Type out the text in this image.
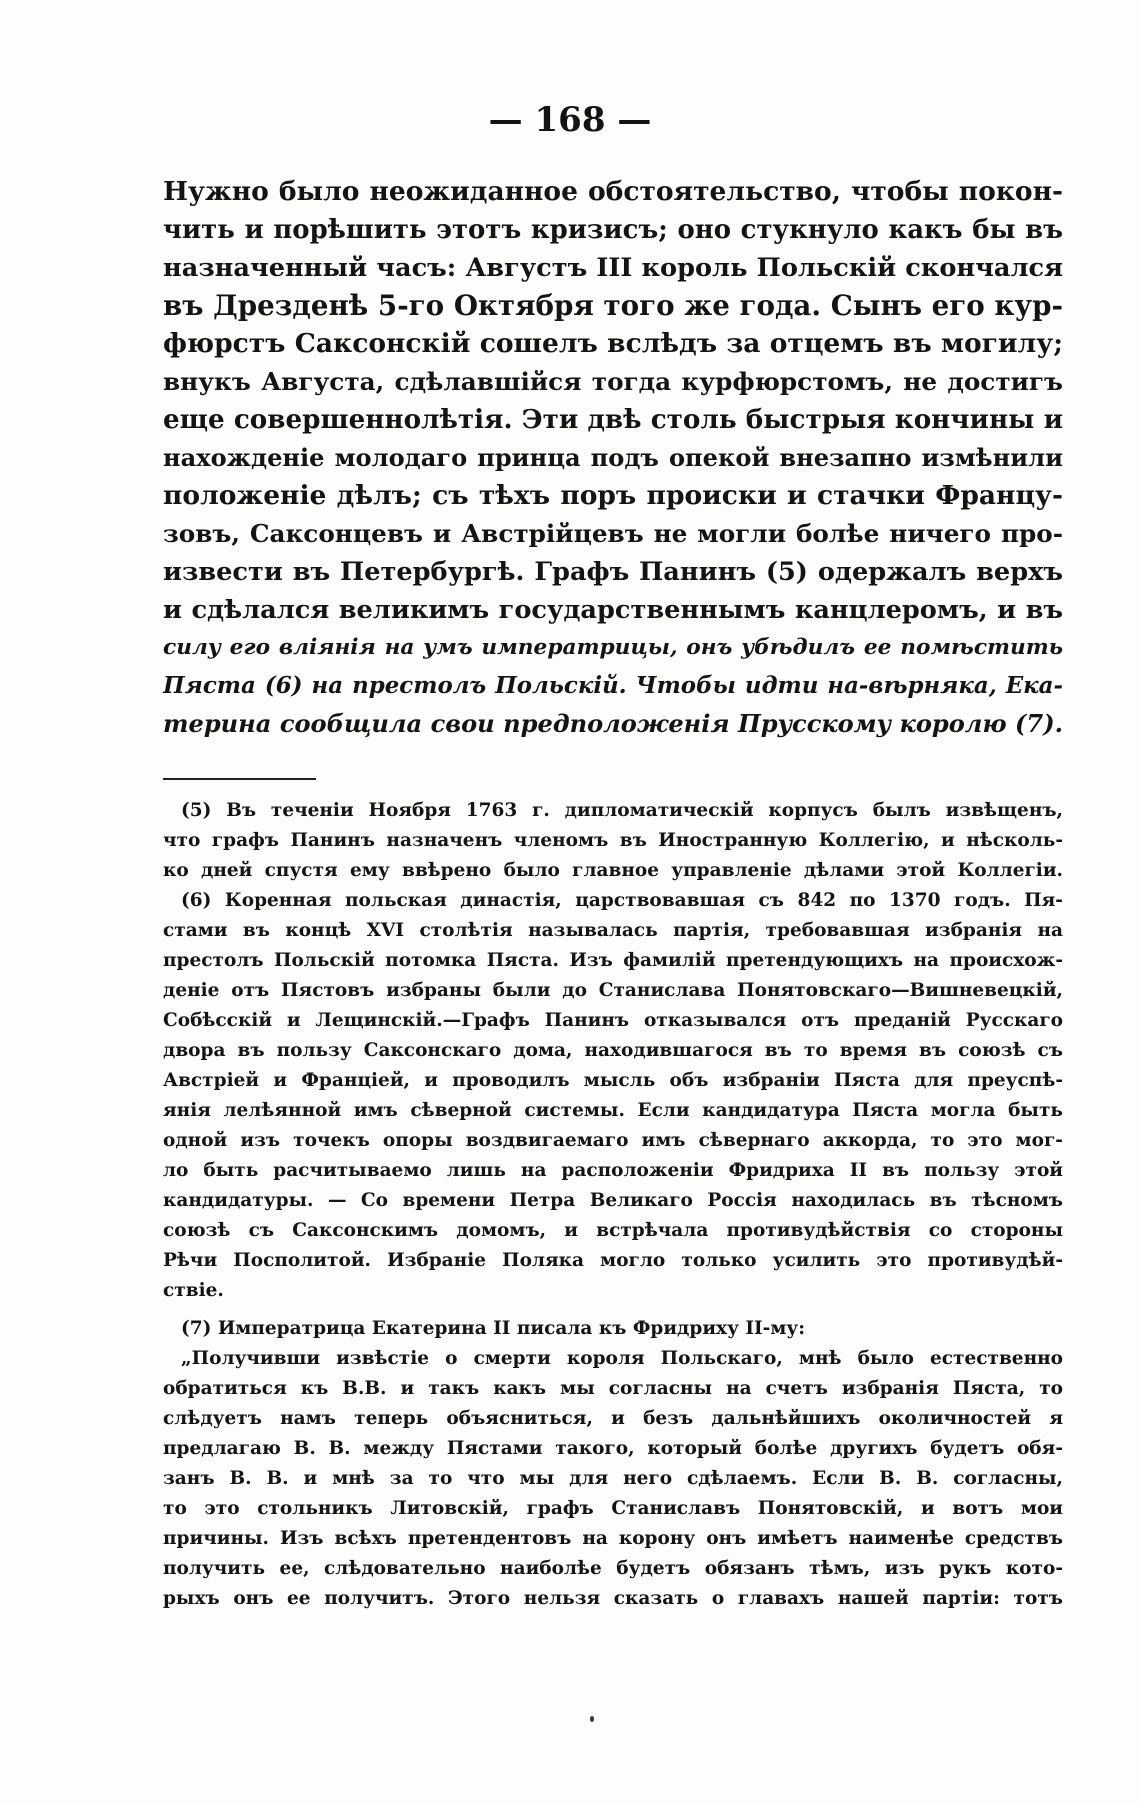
— 168 —
Нужно было неожиданное обстоятельство, чтобы покон-
чить и порѣшить этотъ кризисъ; оно стукнуло какъ бы въ
назначенный часъ: Августъ III король Польскій скончался
въ Дрезденѣ 5-го Октября того же года. Сынъ его кур-
фюрстъ Саксонскій сошелъ вслѣдъ за отцемъ въ могилу;
внукъ Августа, сдѣлавшійся тогда курфюрстомъ, не достигъ
еще совершеннолѣтія. Эти двѣ столь быстрыя кончины и
нахожденіе молодаго принца подъ опекой внезапно измѣнили
положеніе дѣлъ; съ тѣхъ поръ происки и стачки Францу-
зовъ, Саксонцевъ и Австрійцевъ не могли болѣе ничего про-
извести въ Петербургѣ. Графъ Панинъ (5) одержалъ верхъ
и сдѣлался великимъ государственнымъ канцлеромъ, и въ
силу его вліянія на умъ императрицы, онъ убѣдилъ ее помѣстить
Пяста (6) на престолъ Польскій. Чтобы идти на-вѣрняка, Ека-
терина сообщила свои предположенія Прусскому королю (7).
(5) Въ теченіи Ноября 1763 г. дипломатическій корпусъ былъ извѣщенъ,
что графъ Панинъ назначенъ членомъ въ Иностранную Коллегію, и нѣсколь-
ко дней спустя ему ввѣрено было главное управленіе дѣлами этой Коллегіи.
(6) Коренная польская династія, царствовавшая съ 842 по 1370 годъ. Пя-
стами въ концѣ XVI столѣтія называлась партія, требовавшая избранія на
престолъ Польскій потомка Пяста. Изъ фамилій претендующихъ на происхож-
деніе отъ Пястовъ избраны были до Станислава Понятовскаго—Вишневецкій,
Собѣсскій и Лещинскій.—Графъ Панинъ отказывался отъ преданій Русскаго
двора въ пользу Саксонскаго дома, находившагося въ то время въ союзѣ съ
Австріей и Франціей, и проводилъ мысль объ избраніи Пяста для преуспѣ-
янія лелѣянной имъ сѣверной системы. Если кандидатура Пяста могла быть
одной изъ точекъ опоры воздвигаемаго имъ сѣвернаго аккорда, то это мог-
ло быть расчитываемо лишь на расположеніи Фридриха II въ пользу этой
кандидатуры. — Со времени Петра Великаго Россія находилась въ тѣсномъ
союзѣ съ Саксонскимъ домомъ, и встрѣчала противудѣйствія со стороны
Рѣчи Посполитой. Избраніе Поляка могло только усилить это противудѣй-
ствіе.
(7) Императрица Екатерина II писала къ Фридриху II-му:
„Получивши извѣстіе о смерти короля Польскаго, мнѣ было естественно
обратиться къ В.В. и такъ какъ мы согласны на счетъ избранія Пяста, то
слѣдуетъ намъ теперь объясниться, и безъ дальнѣйшихъ околичностей я
предлагаю В. В. между Пястами такого, который болѣе другихъ будетъ обя-
занъ В. В. и мнѣ за то что мы для него сдѣлаемъ. Если В. В. согласны,
то это стольникъ Литовскій, графъ Станиславъ Понятовскій, и вотъ мои
причины. Изъ всѣхъ претендентовъ на корону онъ имѣетъ наименѣе средствъ
получить ее, слѣдовательно наиболѣе будетъ обязанъ тѣмъ, изъ рукъ кото-
рыхъ онъ ее получитъ. Этого нельзя сказать о главахъ нашей партіи: тотъ
